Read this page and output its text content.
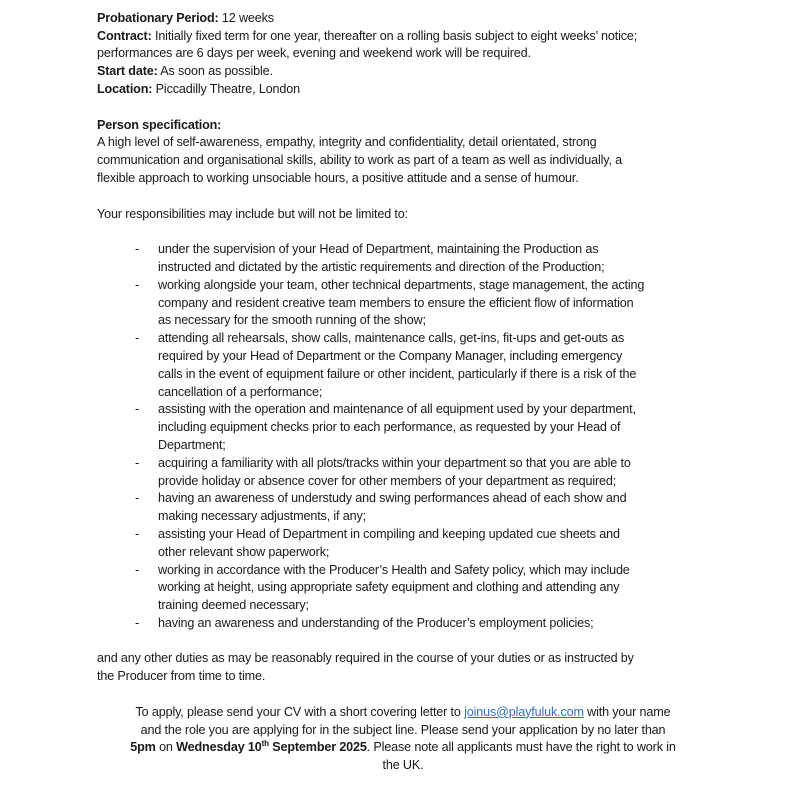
Probationary Period: 12 weeks
Contract: Initially fixed term for one year, thereafter on a rolling basis subject to eight weeks’ notice;
performances are 6 days per week, evening and weekend work will be required.
Start date: As soon as possible.
Location: Piccadilly Theatre, London
Person specification:
A high level of self-awareness, empathy, integrity and confidentiality, detail orientated, strong
communication and organisational skills, ability to work as part of a team as well as individually, a
flexible approach to working unsociable hours, a positive attitude and a sense of humour.
Your responsibilities may include but will not be limited to:
- under the supervision of your Head of Department, maintaining the Production as
instructed and dictated by the artistic requirements and direction of the Production;
- working alongside your team, other technical departments, stage management, the acting
company and resident creative team members to ensure the efficient flow of information
as necessary for the smooth running of the show;
- attending all rehearsals, show calls, maintenance calls, get-ins, fit-ups and get-outs as
required by your Head of Department or the Company Manager, including emergency
calls in the event of equipment failure or other incident, particularly if there is a risk of the
cancellation of a performance;
- assisting with the operation and maintenance of all equipment used by your department,
including equipment checks prior to each performance, as requested by your Head of
Department;
- acquiring a familiarity with all plots/tracks within your department so that you are able to
provide holiday or absence cover for other members of your department as required;
- having an awareness of understudy and swing performances ahead of each show and
making necessary adjustments, if any;
- assisting your Head of Department in compiling and keeping updated cue sheets and
other relevant show paperwork;
- working in accordance with the Producer’s Health and Safety policy, which may include
working at height, using appropriate safety equipment and clothing and attending any
training deemed necessary;
- having an awareness and understanding of the Producer’s employment policies;
and any other duties as may be reasonably required in the course of your duties or as instructed by
the Producer from time to time.
To apply, please send your CV with a short covering letter to joinus@playfuluk.com with your name
and the role you are applying for in the subject line. Please send your application by no later than
5pm on Wednesday 10th September 2025. Please note all applicants must have the right to work in
the UK.
